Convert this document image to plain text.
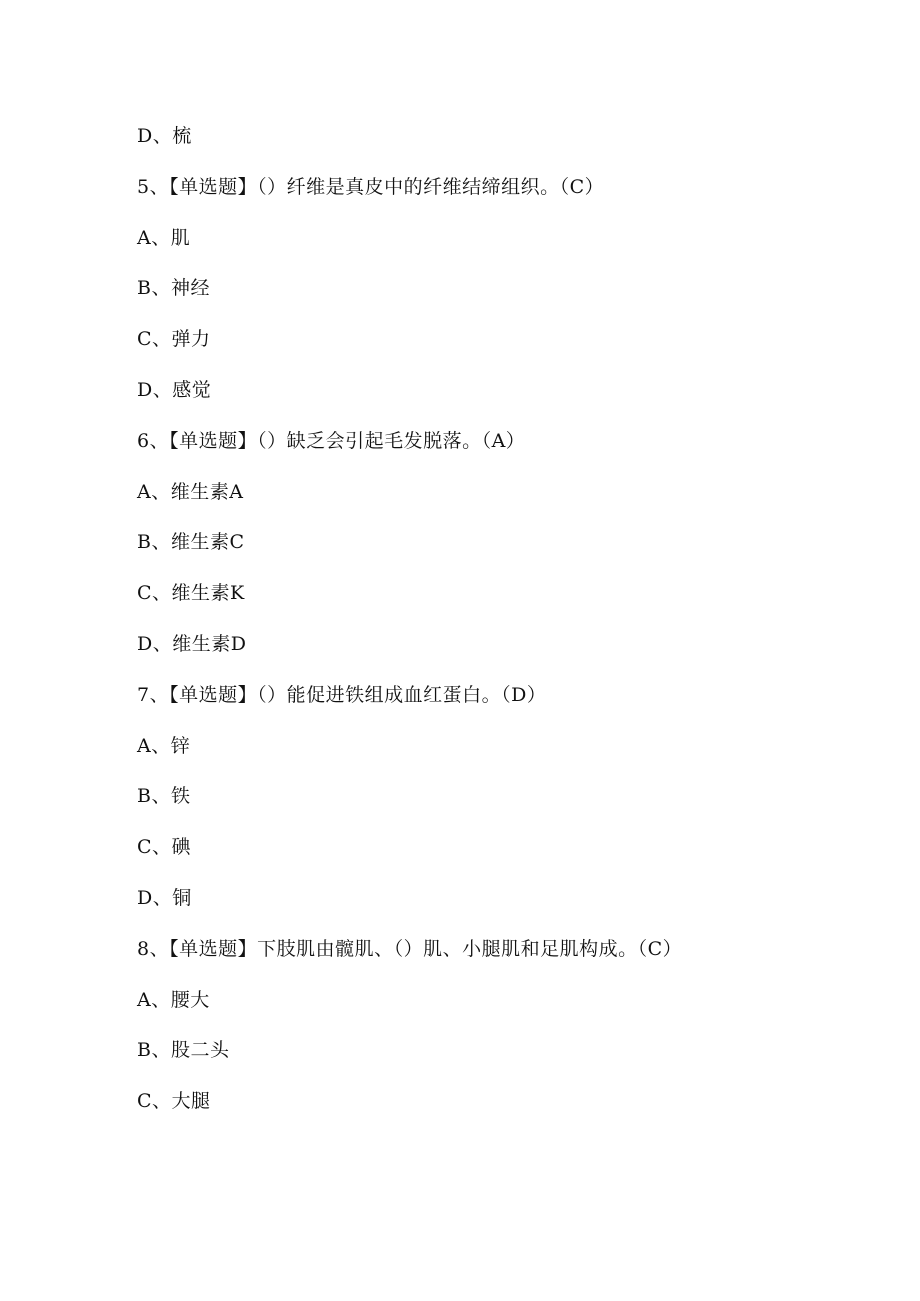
D、梳
5、【单选题】（）纤维是真皮中的纤维结缔组织。（C）
A、肌
B、神经
C、弹力
D、感觉
6、【单选题】（）缺乏会引起毛发脱落。（A）
A、维生素A
B、维生素C
C、维生素K
D、维生素D
7、【单选题】（）能促进铁组成血红蛋白。（D）
A、锌
B、铁
C、碘
D、铜
8、【单选题】下肢肌由髋肌、（）肌、小腿肌和足肌构成。（C）
A、腰大
B、股二头
C、大腿
